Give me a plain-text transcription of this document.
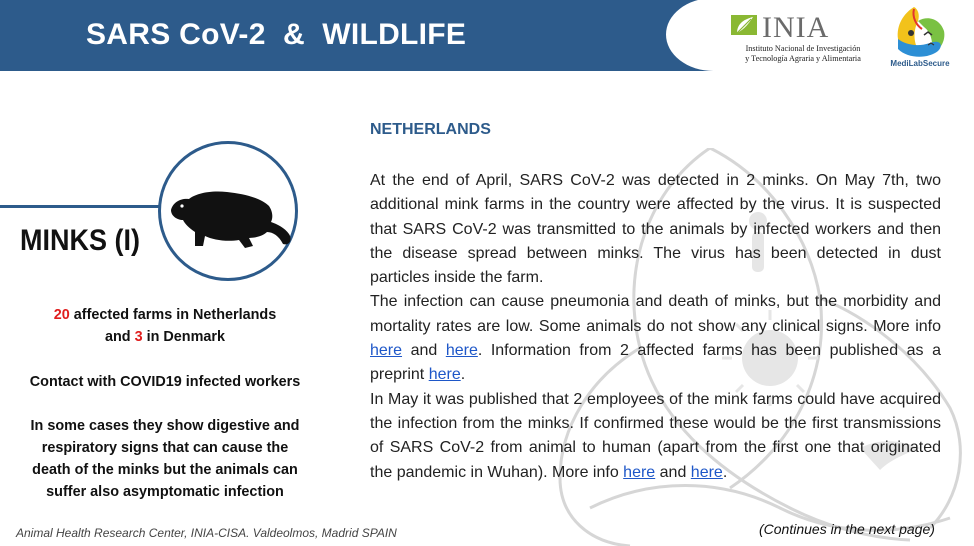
SARS CoV-2  &  WILDLIFE	INIA
Instituto Nacional de Investigación
y Tecnología Agraria y Alimentaria
MediLabSecure
MINKS (I)
20 affected farms in Netherlands
and 3 in Denmark
Contact with COVID19 infected workers
In some cases they show digestive and respiratory signs that can cause the death of the minks but the animals can suffer also asymptomatic infection
NETHERLANDS

At the end of April, SARS CoV-2 was detected in 2 minks. On May 7th, two additional mink farms in the country were affected by the virus. It is suspected that SARS CoV-2 was transmitted to the animals by infected workers and then the disease spread between minks. The virus has been detected in dust particles inside the farm.

The infection can cause pneumonia and death of minks, but the morbidity and mortality rates are low. Some animals do not show any clinical signs. More info here and here. Information from 2 affected farms has been published as a preprint here.

In May it was published that 2 employees of the mink farms could have acquired the infection from the minks. If confirmed these would be the first transmissions of SARS CoV-2 from animal to human (apart from the first one that originated the pandemic in Wuhan). More info here and here.

Animal Health Research Center, INIA-CISA. Valdeolmos, Madrid SPAIN	(Continues in the next page)
